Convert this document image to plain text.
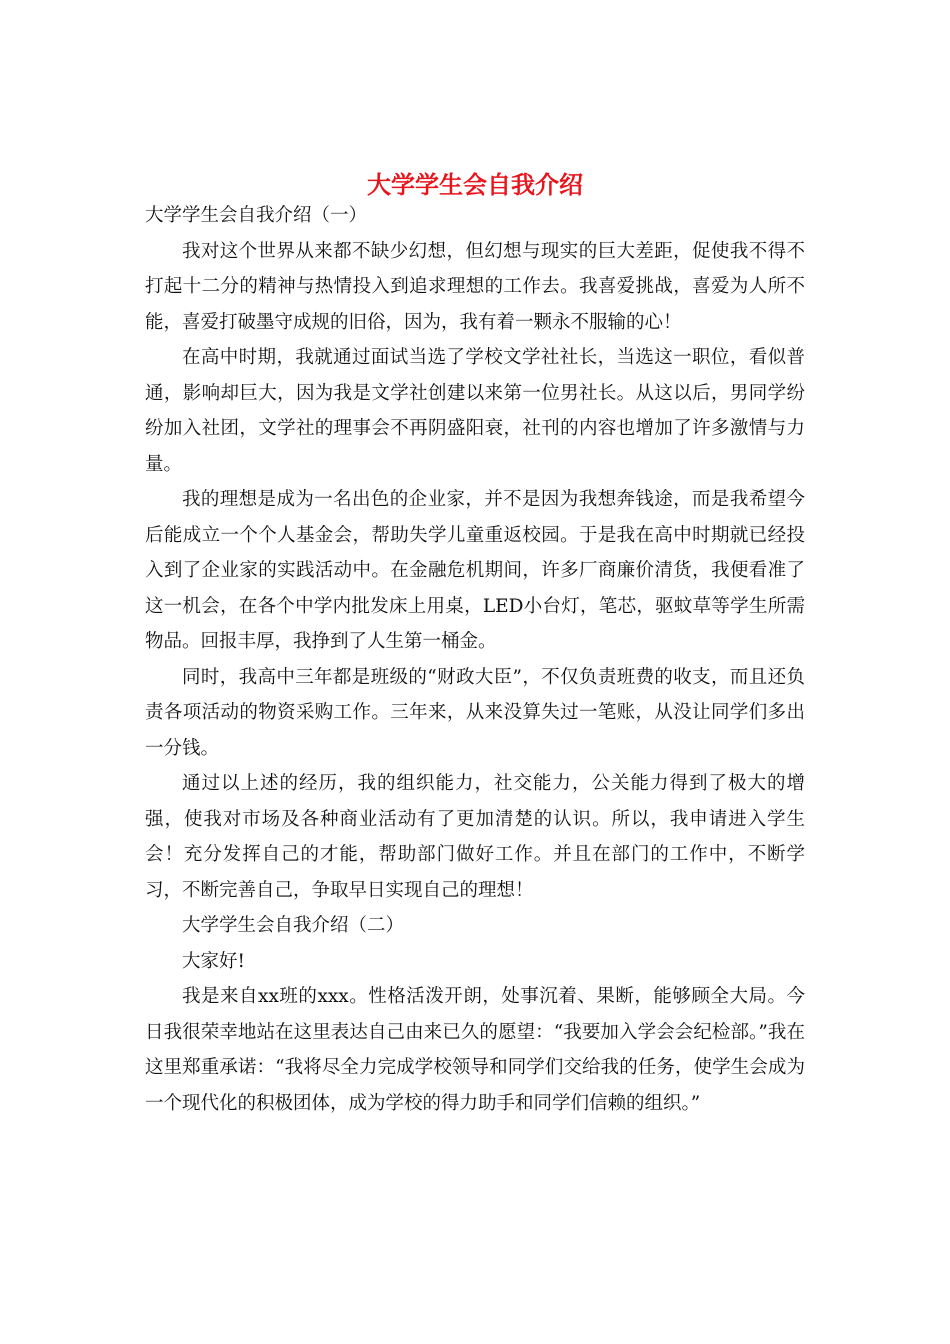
大学学生会自我介绍

大学学生会自我介绍（一）

我对这个世界从来都不缺少幻想，但幻想与现实的巨大差距，促使我不得不打起十二分的精神与热情投入到追求理想的工作去。我喜爱挑战，喜爱为人所不能，喜爱打破墨守成规的旧俗，因为，我有着一颗永不服输的心！

在高中时期，我就通过面试当选了学校文学社社长，当选这一职位，看似普通，影响却巨大，因为我是文学社创建以来第一位男社长。从这以后，男同学纷纷加入社团，文学社的理事会不再阴盛阳衰，社刊的内容也增加了许多激情与力量。

我的理想是成为一名出色的企业家，并不是因为我想奔钱途，而是我希望今后能成立一个个人基金会，帮助失学儿童重返校园。于是我在高中时期就已经投入到了企业家的实践活动中。在金融危机期间，许多厂商廉价清货，我便看准了这一机会，在各个中学内批发床上用桌，LED小台灯，笔芯，驱蚊草等学生所需物品。回报丰厚，我挣到了人生第一桶金。

同时，我高中三年都是班级的“财政大臣”，不仅负责班费的收支，而且还负责各项活动的物资采购工作。三年来，从来没算失过一笔账，从没让同学们多出一分钱。

通过以上述的经历，我的组织能力，社交能力，公关能力得到了极大的增强，使我对市场及各种商业活动有了更加清楚的认识。所以，我申请进入学生会！充分发挥自己的才能，帮助部门做好工作。并且在部门的工作中，不断学习，不断完善自己，争取早日实现自己的理想！

大学学生会自我介绍（二）

大家好!

我是来自xx班的xxx。性格活泼开朗，处事沉着、果断，能够顾全大局。今日我很荣幸地站在这里表达自己由来已久的愿望：“我要加入学会会纪检部。”我在这里郑重承诺：“我将尽全力完成学校领导和同学们交给我的任务，使学生会成为一个现代化的积极团体，成为学校的得力助手和同学们信赖的组织。”
